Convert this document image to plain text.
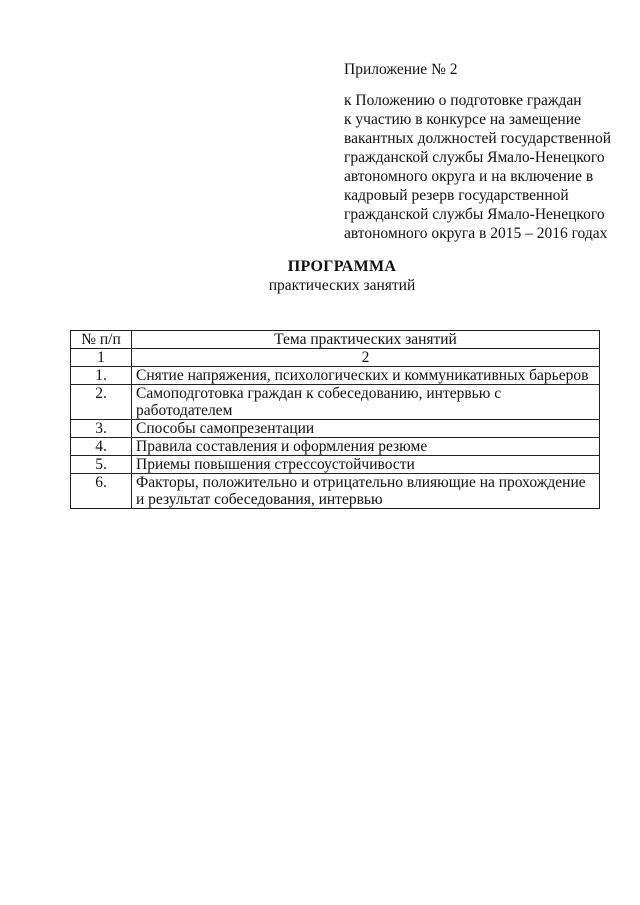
Приложение № 2
к Положению о подготовке граждан
к участию в конкурсе на замещение
вакантных должностей государственной
гражданской службы Ямало-Ненецкого
автономного округа и на включение в
кадровый резерв государственной
гражданской службы Ямало-Ненецкого
автономного округа в 2015 – 2016 годах
ПРОГРАММА
практических занятий
№ п/п	Тема практических занятий
1	2
1.	Снятие напряжения, психологических и коммуникативных барьеров
2.	Самоподготовка граждан к собеседованию, интервью с работодателем
3.	Способы самопрезентации
4.	Правила составления и оформления резюме
5.	Приемы повышения стрессоустойчивости
6.	Факторы, положительно и отрицательно влияющие на прохождение и результат собеседования, интервью
